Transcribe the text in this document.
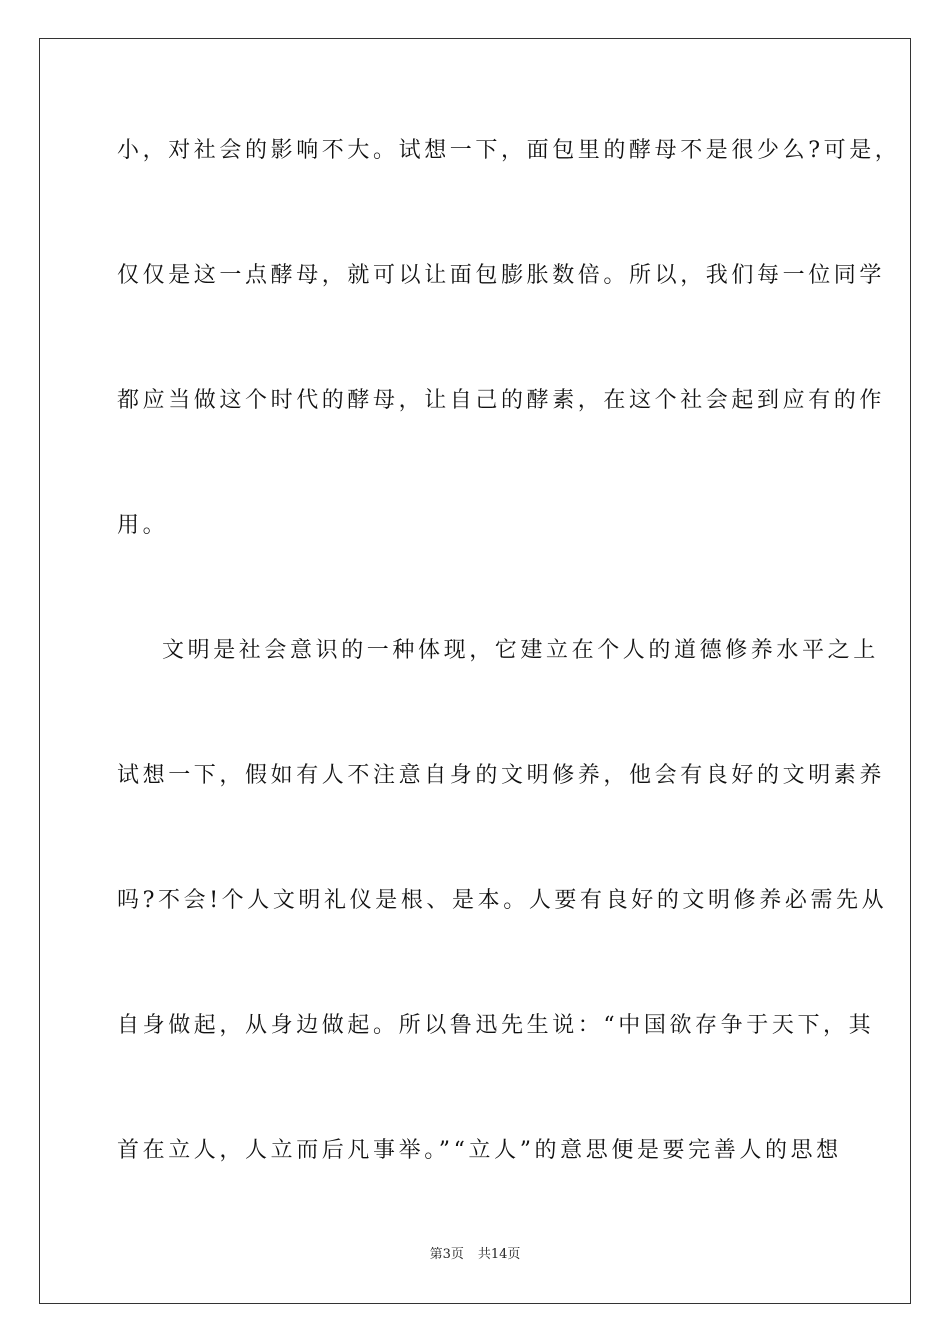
小，对社会的影响不大。试想一下，面包里的酵母不是很少么?可是，
仅仅是这一点酵母，就可以让面包膨胀数倍。所以，我们每一位同学
都应当做这个时代的酵母，让自己的酵素，在这个社会起到应有的作
用。
文明是社会意识的一种体现，它建立在个人的道德修养水平之上
试想一下，假如有人不注意自身的文明修养，他会有良好的文明素养
吗?不会!个人文明礼仪是根、是本。人要有良好的文明修养必需先从
自身做起，从身边做起。所以鲁迅先生说：“中国欲存争于天下，其
首在立人，人立而后凡事举。”“立人”的意思便是要完善人的思想
第3页 共14页
